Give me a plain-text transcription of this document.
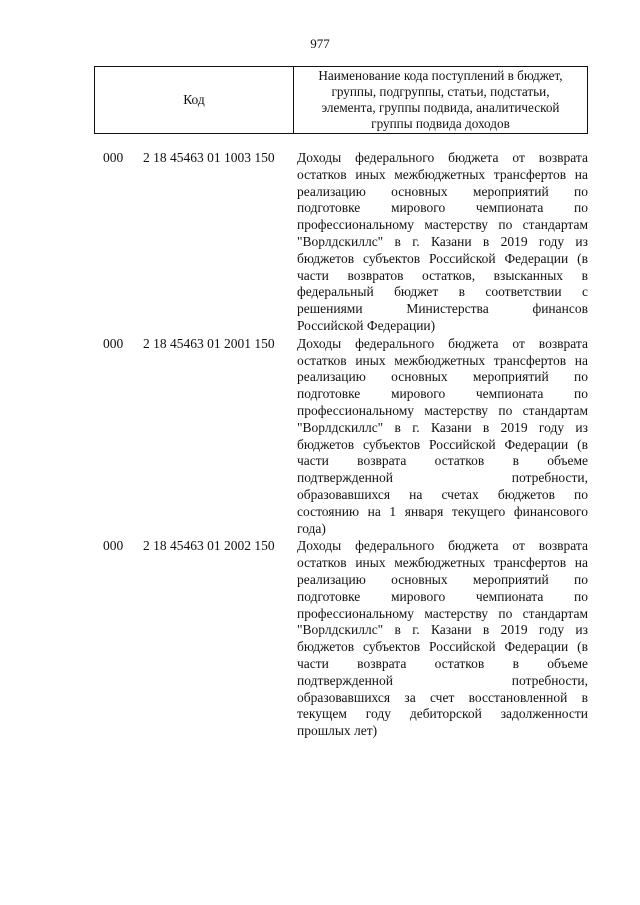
977
Код
Наименование кода поступлений в бюджет,
группы, подгруппы, статьи, подстатьи,
элемента, группы подвида, аналитической
группы подвида доходов
000 2 18 45463 01 1003 150 Доходы федерального бюджета от возврата
остатков иных межбюджетных трансфертов на
реализацию основных мероприятий по
подготовке мирового чемпионата по
профессиональному мастерству по стандартам
"Ворлдскиллс" в г. Казани в 2019 году из
бюджетов субъектов Российской Федерации (в
части возвратов остатков, взысканных в
федеральный бюджет в соответствии с
решениями Министерства финансов
Российской Федерации)
000 2 18 45463 01 2001 150 Доходы федерального бюджета от возврата
остатков иных межбюджетных трансфертов на
реализацию основных мероприятий по
подготовке мирового чемпионата по
профессиональному мастерству по стандартам
"Ворлдскиллс" в г. Казани в 2019 году из
бюджетов субъектов Российской Федерации (в
части возврата остатков в объеме
подтвержденной потребности,
образовавшихся на счетах бюджетов по
состоянию на 1 января текущего финансового
года)
000 2 18 45463 01 2002 150 Доходы федерального бюджета от возврата
остатков иных межбюджетных трансфертов на
реализацию основных мероприятий по
подготовке мирового чемпионата по
профессиональному мастерству по стандартам
"Ворлдскиллс" в г. Казани в 2019 году из
бюджетов субъектов Российской Федерации (в
части возврата остатков в объеме
подтвержденной потребности,
образовавшихся за счет восстановленной в
текущем году дебиторской задолженности
прошлых лет)
